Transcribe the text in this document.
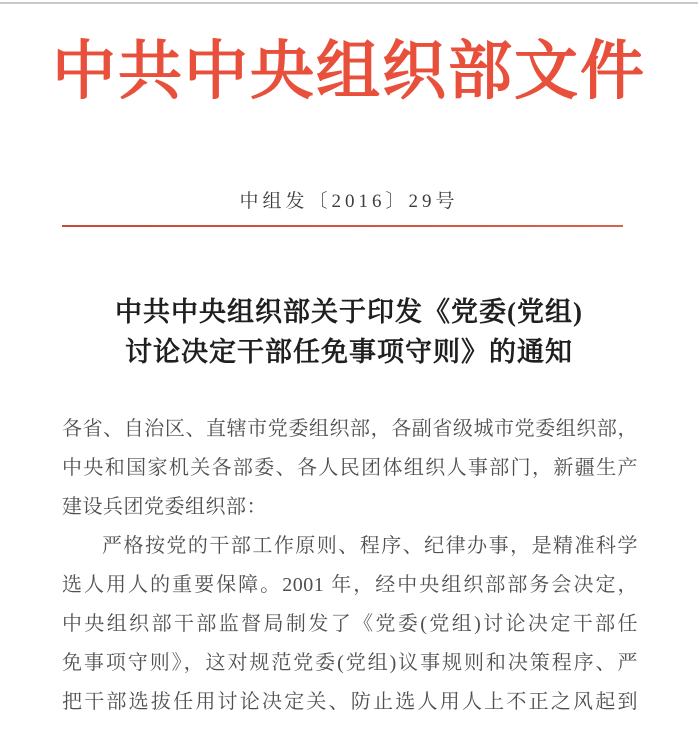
中共中央组织部文件
中组发〔2016〕29号
中共中央组织部关于印发《党委(党组)
讨论决定干部任免事项守则》的通知
各省、自治区、直辖市党委组织部，各副省级城市党委组织部，
中央和国家机关各部委、各人民团体组织人事部门，新疆生产
建设兵团党委组织部：
严格按党的干部工作原则、程序、纪律办事，是精准科学
选人用人的重要保障。2001 年，经中央组织部部务会决定，
中央组织部干部监督局制发了《党委(党组)讨论决定干部任
免事项守则》，这对规范党委(党组)议事规则和决策程序、严
把干部选拔任用讨论决定关、防止选人用人上不正之风起到
